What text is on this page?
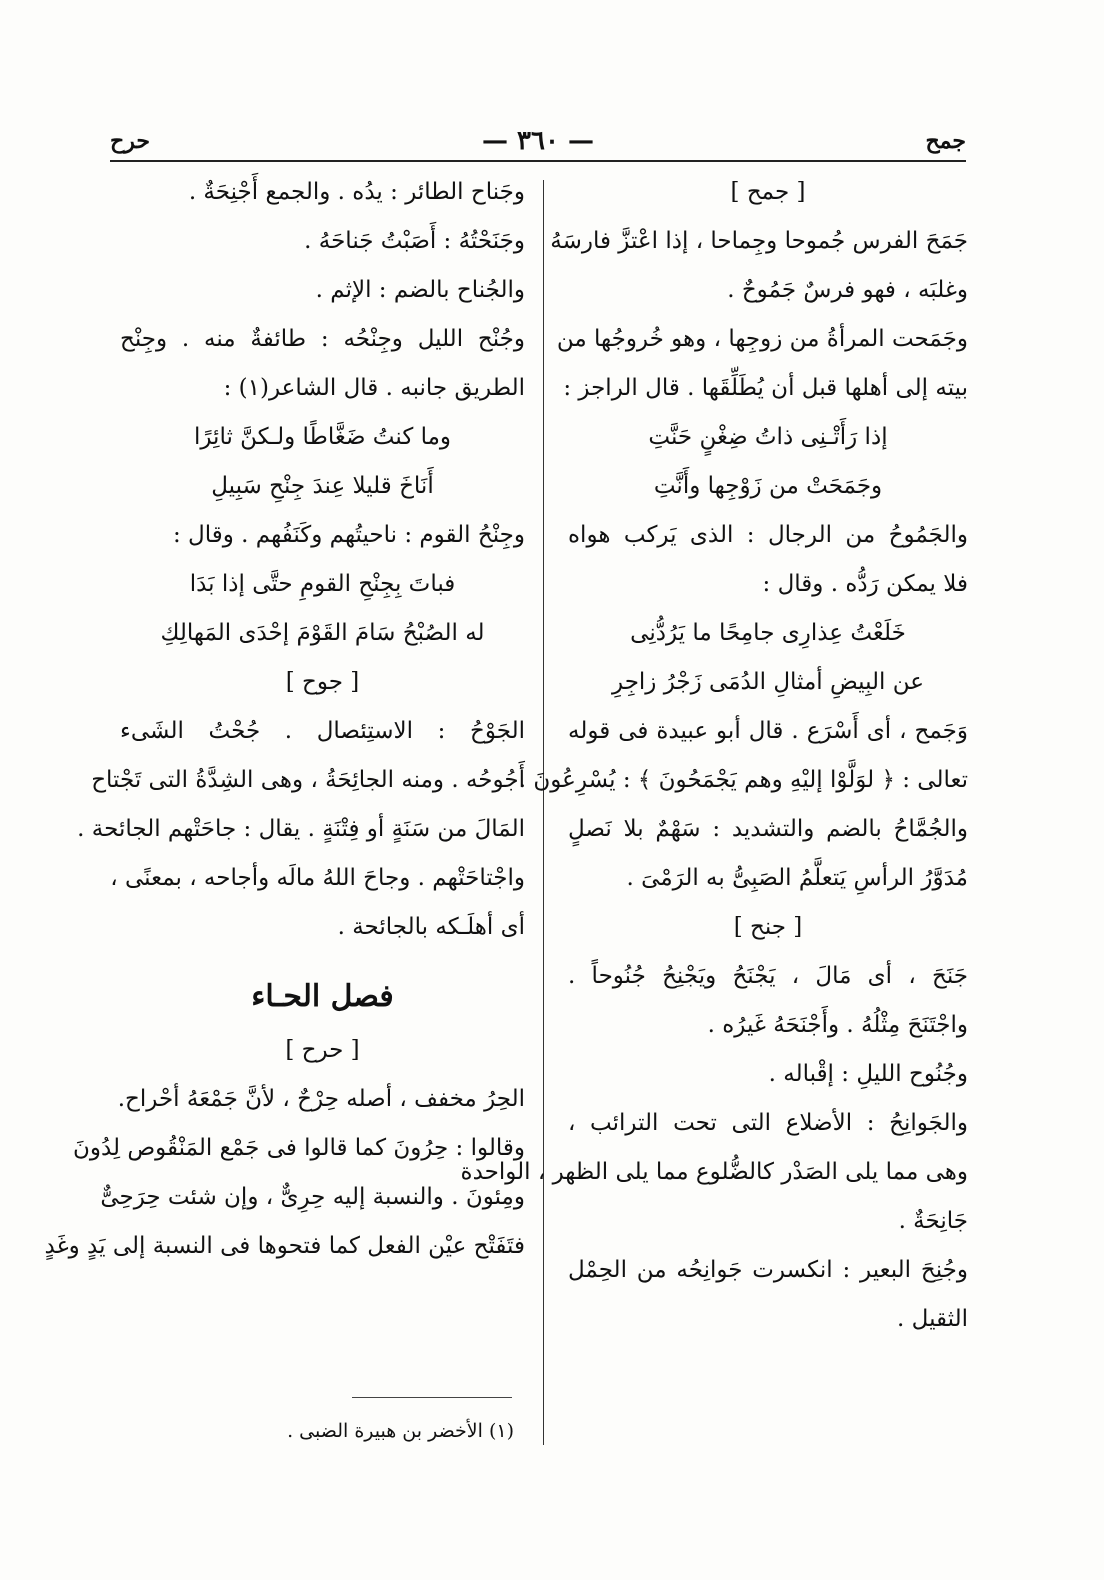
جمح
— ٣٦٠ —
حرح
[ جمح ]
جَمَحَ الفرس جُموحا وجِماحا ، إذا اعْتزَّ فارسَهُ
وغلبَه ، فهو فرسٌ جَمُوحٌ .
وجَمَحت المرأةُ من زوجِها ، وهو خُروجُها من
بيته إلى أهلها قبل أن يُطَلِّقَها . قال الراجز :
إذا رَأَتْـنِى ذاتُ ضِغْنٍ حَنَّتِ
وجَمَحَتْ من زَوْجِها وأَنَّتِ
والجَمُوحُ من الرجال : الذى يَركب هواه
فلا يمكن رَدُّه . وقال :
خَلَعْتُ عِذارِى جامِحًا ما يَرُدُّنِى
عن البِيضِ أمثالِ الدُمَى زَجْرُ زاجِرِ
وَجَمح ، أى أَسْرَع . قال أبو عبيدة فى قوله
تعالى : ﴿ لوَلَّوْا إليْهِ وهم يَجْمَحُونَ ﴾ : يُسْرِعُونَ .
والجُمَّاحُ بالضم والتشديد : سَهْمٌ بلا نَصلٍ
مُدَوَّرُ الرأسِ يَتعلَّمُ الصَبِىُّ به الرَمْىَ .
[ جنح ]
جَنَحَ ، أى مَالَ ، يَجْنَحُ ويَجْنِحُ جُنُوحاً .
واجْتَنَحَ مِثْلُهُ . وأَجْنَحَهُ غَيرُه .
وجُنُوح الليلِ : إقْباله .
والجَوانِحُ : الأضلاع التى تحت الترائب ،
وهى مما يلى الصَدْر كالضُّلوع مما يلى الظهر ، الواحدة
جَانِحَةٌ .
وجُنِحَ البعير : انكسرت جَوانِحُه من الحِمْل
الثقيل .
وجَناح الطائر : يدُه . والجمع أَجْنِحَةٌ .
وجَنَحْتُهُ : أَصَبْتُ جَناحَهُ .
والجُناح بالضم : الإثم .
وجُنْح الليل وجِنْحُه : طائفةٌ منه . وجِنْح
الطريق جانبه . قال الشاعر(١) :
وما كنتُ ضَغَّاطًا ولـكنَّ ثائِرًا
أَنَاخَ قليلا عِندَ جِنْحِ سَبِيلِ
وجِنْحُ القوم : ناحيتُهم وكَنَفُهم . وقال :
فباتَ بِجِنْحِ القومِ حتَّى إذا بَدَا
له الصُبْحُ سَامَ القَوْمَ إحْدَى المَهالِكِ
[ جوح ]
الجَوْحُ : الاستِئصال . جُحْتُ الشَىء
أَجُوحُه . ومنه الجائِحَةُ ، وهى الشِدَّةُ التى تَجْتاح
المَالَ من سَنَةٍ أو فِتْنَةٍ . يقال : جاحَتْهم الجائحة .
واجْتاحَتْهم . وجاحَ اللهُ مالَه وأجاحه ، بمعنًى ،
أى أهلَـكه بالجائحة .
فصل الحـاء
[ حرح ]
الحِرُ مخفف ، أصله حِرْحٌ ، لأنَّ جَمْعَهُ أحْراح.
وقالوا : حِرُونَ كما قالوا فى جَمْع المَنْقُوص لِدُونَ
ومِئونَ . والنسبة إليه حِرِىٌّ ، وإن شئت حِرَحِىٌّ
فتَفَتْح عيْن الفعل كما فتحوها فى النسبة إلى يَدٍ وغَدٍ
(١) الأخضر بن هبيرة الضبى .
